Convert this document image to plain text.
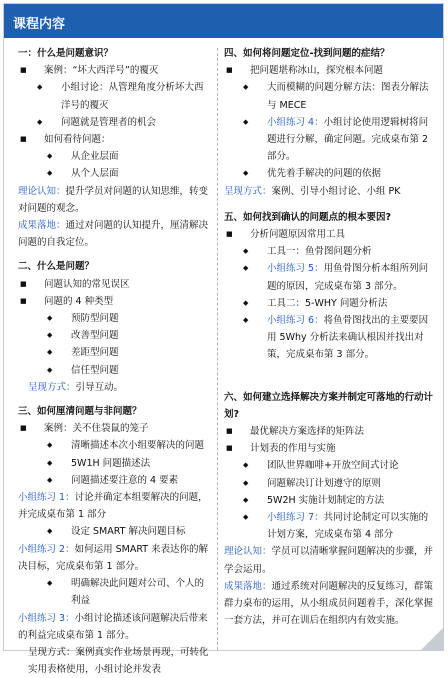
课程内容
一：什么是问题意识？
■ 案例：“坏大西洋号”的覆灭
◆ 小组讨论：从管理角度分析坏大西洋号的覆灭
◆ 问题就是管理者的机会
■ 如何看待问题：
◆ 从企业层面
◆ 从个人层面
理论认知：提升学员对问题的认知思维，转变对问题的观念。
成果落地：通过对问题的认知提升，厘清解决问题的自我定位。
二、什么是问题？
■ 问题认知的常见误区
■ 问题的 4 种类型
◆ 预防型问题
◆ 改善型问题
◆ 差距型问题
◆ 信任型问题
呈现方式：引导互动。
三、如何厘清问题与非问题？
■ 案例：关不住袋鼠的笼子
◆ 清晰描述本次小组要解决的问题
◆ 5W1H 问题描述法
◆ 问题描述要注意的 4 要素
小组练习 1：讨论并确定本组要解决的问题，并完成桌布第 1 部分
◆ 设定 SMART 解决问题目标
小组练习 2：如何运用 SMART 来表达你的解决目标，完成桌布第 1 部分。
◆ 明确解决此问题对公司、个人的利益
小组练习 3：小组讨论描述该问题解决后带来的利益完成桌布第 1 部分。
呈现方式：案例真实作业场景再现，可转化实用表格使用，小组讨论并发表
四、如何将问题定位-找到问题的症结？
■ 把问题堪称冰山，探究根本问题
◆ 大而模糊的问题分解方法：图表分解法与 MECE
◆ 小组练习 4：小组讨论使用逻辑树将问题进行分解，确定问题。完成桌布第 2 部分。
◆ 优先着手解决的问题的依据
呈现方式：案例、引导小组讨论、小组 PK
五、如何找到确认的问题点的根本要因?
■ 分析问题原因常用工具
◆ 工具一：鱼骨图问题分析
◆ 小组练习 5：用鱼骨图分析本组所列问题的原因，完成桌布第 3 部分。
◆ 工具二：5-WHY 问题分析法
◆ 小组练习 6：将鱼骨图找出的主要要因用 5Why 分析法来确认根因并找出对策，完成桌布第 3 部分。
六、如何建立选择解决方案并制定可落地的行动计划?
■ 最优解决方案选择的矩阵法
■ 计划表的作用与实施
◆ 团队世界咖啡+开放空间式讨论
◆ 问题解决订计划遵守的原则
◆ 5W2H 实施计划制定的方法
◆ 小组练习 7：共同讨论制定可以实施的计划方案，完成桌布第 4 部分
理论认知：学员可以清晰掌握问题解决的步骤，并学会运用。
成果落地：通过系统对问题解决的反复练习，群策群力桌布的运用，从小组成员问题着手，深化掌握一套方法，并可在训后在组织内有效实施。
